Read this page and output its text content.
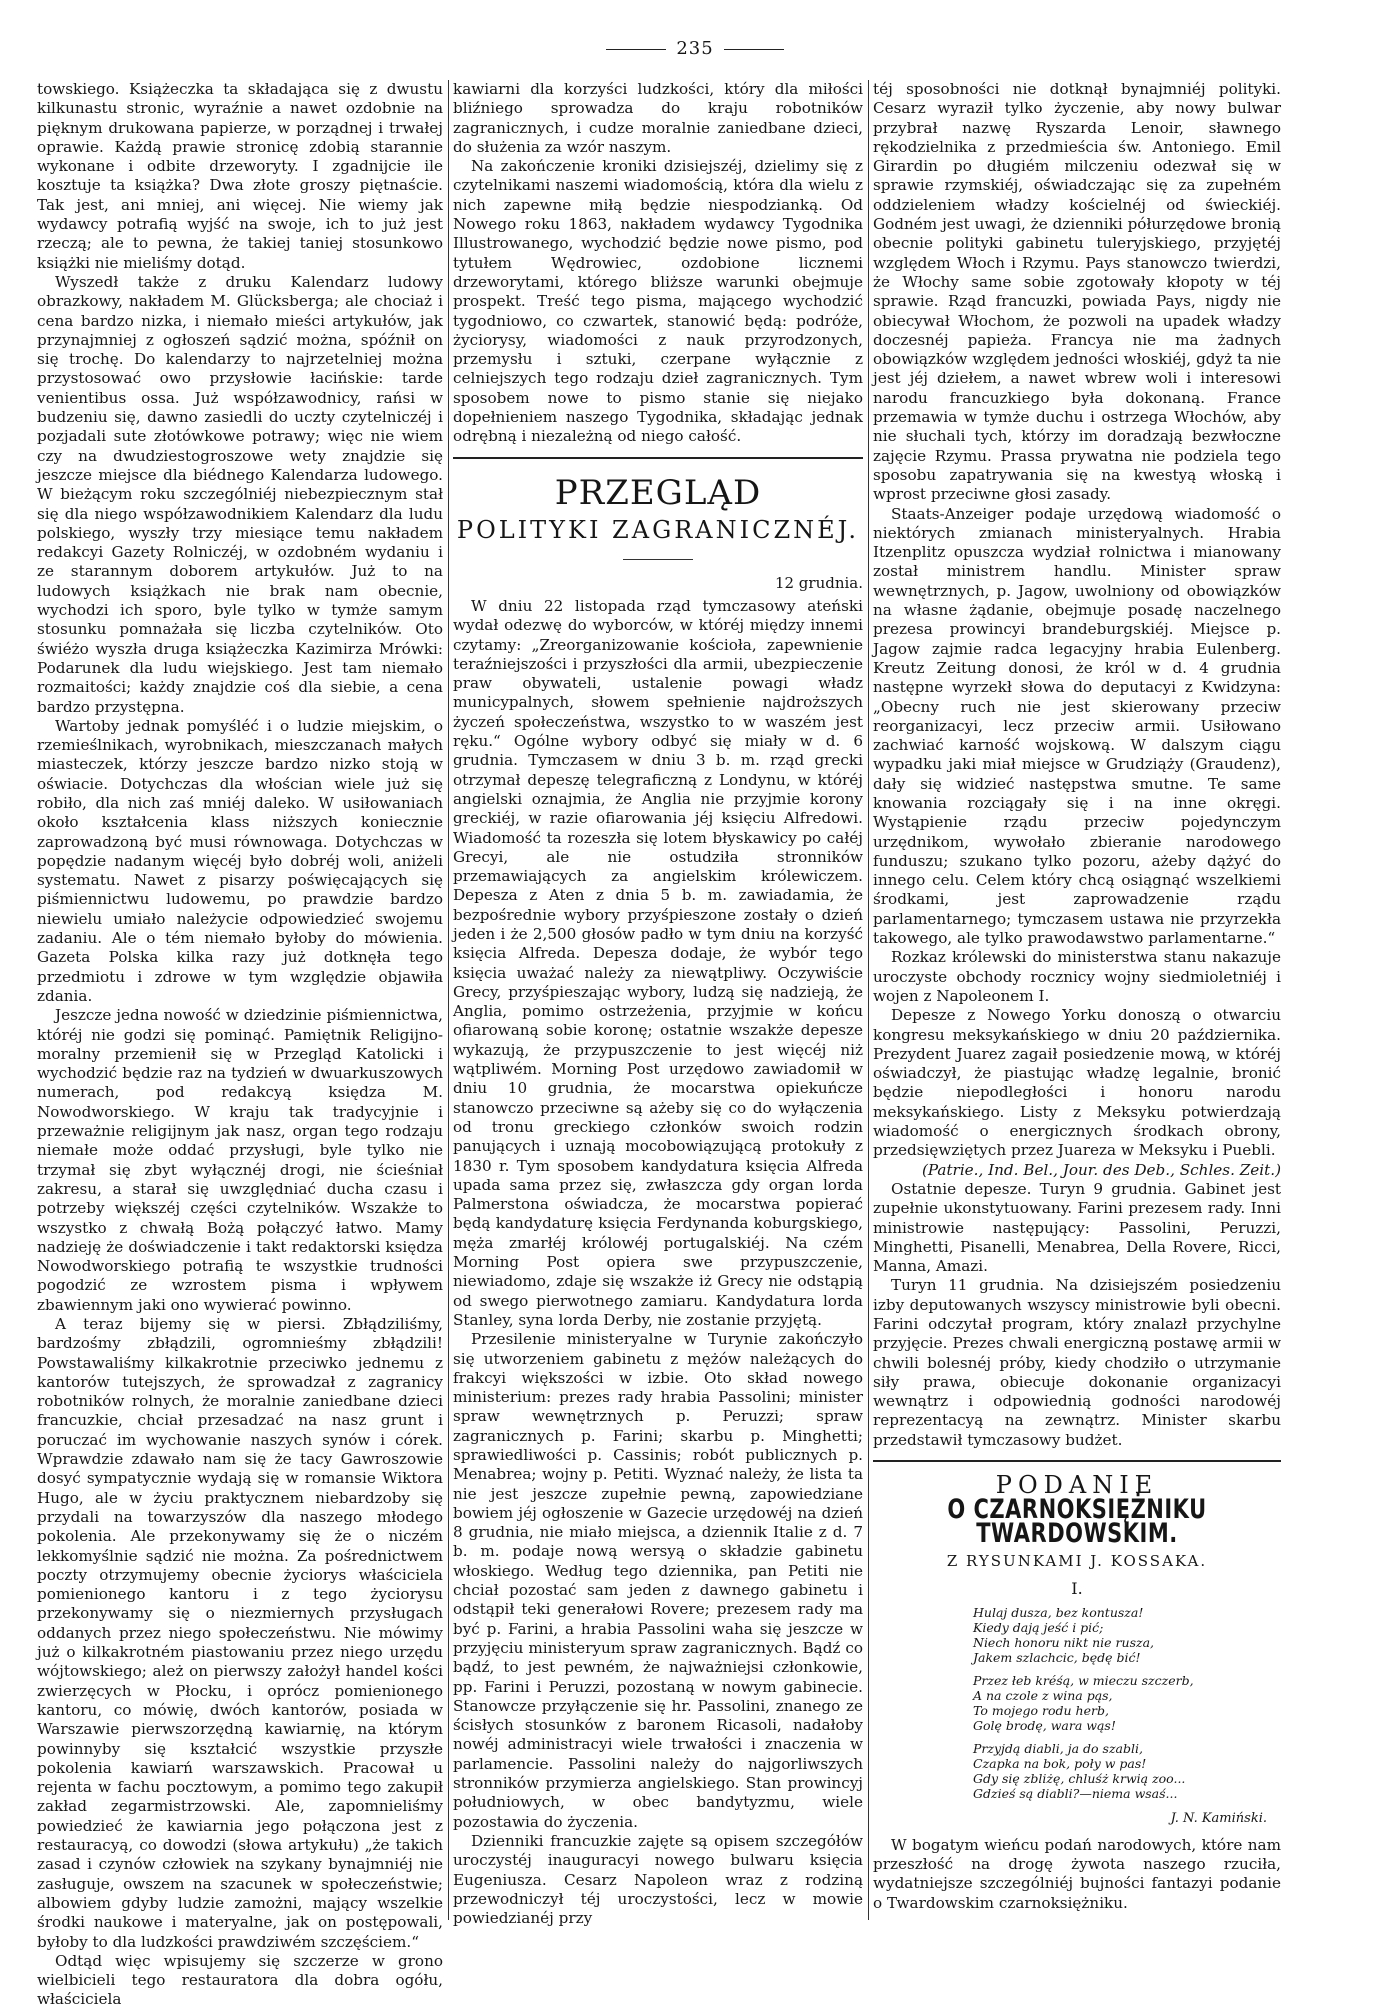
235

towskiego. Książeczka ta składająca się z dwustu kilkunastu stronic, wyraźnie a nawet ozdobnie na pięknym drukowana papierze, w porządnej i trwałej oprawie. Każdą prawie stronicę zdobią starannie wykonane i odbite drzeworyty. I zgadnijcie ile kosztuje ta książka? Dwa złote groszy piętnaście. Tak jest, ani mniej, ani więcej. Nie wiemy jak wydawcy potrafią wyjść na swoje, ich to już jest rzeczą; ale to pewna, że takiej taniej stosunkowo książki nie mieliśmy dotąd.

Wyszedł także z druku Kalendarz ludowy obrazkowy, nakładem M. Glücksberga; ale chociaż i cena bardzo nizka, i niemało mieści artykułów, jak przynajmniej z ogłoszeń sądzić można, spóźnił on się trochę. Do kalendarzy to najrzetelniej można przystosować owo przysłowie łacińskie: tarde venientibus ossa. Już współzawodnicy, rańsi w budzeniu się, dawno zasiedli do uczty czytelniczéj i pozjadali sute złotówkowe potrawy; więc nie wiem czy na dwudziestogroszowe wety znajdzie się jeszcze miejsce dla biédnego Kalendarza ludowego. W bieżącym roku szczególniéj niebezpiecznym stał się dla niego współzawodnikiem Kalendarz dla ludu polskiego, wyszły trzy miesiące temu nakładem redakcyi Gazety Rolniczéj, w ozdobném wydaniu i ze starannym doborem artykułów. Już to na ludowych książkach nie brak nam obecnie, wychodzi ich sporo, byle tylko w tymże samym stosunku pomnażała się liczba czytelników. Oto świéżo wyszła druga książeczka Kazimirza Mrówki: Podarunek dla ludu wiejskiego. Jest tam niemało rozmaitości; każdy znajdzie coś dla siebie, a cena bardzo przystępna.

Wartoby jednak pomyśléć i o ludzie miejskim, o rzemieślnikach, wyrobnikach, mieszczanach małych miasteczek, którzy jeszcze bardzo nizko stoją w oświacie. Dotychczas dla włościan wiele już się robiło, dla nich zaś mniéj daleko. W usiłowaniach około kształcenia klass niższych koniecznie zaprowadzoną być musi równowaga. Dotychczas w popędzie nadanym więcéj było dobréj woli, aniżeli systematu. Nawet z pisarzy poświęcających się piśmiennictwu ludowemu, po prawdzie bardzo niewielu umiało należycie odpowiedzieć swojemu zadaniu. Ale o tém niemało byłoby do mówienia. Gazeta Polska kilka razy już dotknęła tego przedmiotu i zdrowe w tym względzie objawiła zdania.

Jeszcze jedna nowość w dziedzinie piśmiennictwa, któréj nie godzi się pominąć. Pamiętnik Religijno-moralny przemienił się w Przegląd Katolicki i wychodzić będzie raz na tydzień w dwuarkuszowych numerach, pod redakcyą księdza M. Nowodworskiego. W kraju tak tradycyjnie i przeważnie religijnym jak nasz, organ tego rodzaju niemałe może oddać przysługi, byle tylko nie trzymał się zbyt wyłącznéj drogi, nie ścieśniał zakresu, a starał się uwzględniać ducha czasu i potrzeby większéj części czytelników. Wszakże to wszystko z chwałą Bożą połączyć łatwo. Mamy nadzieję że doświadczenie i takt redaktorski księdza Nowodworskiego potrafią te wszystkie trudności pogodzić ze wzrostem pisma i wpływem zbawiennym jaki ono wywierać powinno.

A teraz bijemy się w piersi. Zbłądziliśmy, bardzośmy zbłądzili, ogromnieśmy zbłądzili! Powstawaliśmy kilkakrotnie przeciwko jednemu z kantorów tutejszych, że sprowadzał z zagranicy robotników rolnych, że moralnie zaniedbane dzieci francuzkie, chciał przesadzać na nasz grunt i poruczać im wychowanie naszych synów i córek. Wprawdzie zdawało nam się że tacy Gawroszowie dosyć sympatycznie wydają się w romansie Wiktora Hugo, ale w życiu praktycznem niebardzoby się przydali na towarzyszów dla naszego młodego pokolenia. Ale przekonywamy się że o niczém lekkomyślnie sądzić nie można. Za pośrednictwem poczty otrzymujemy obecnie życiorys właściciela pomienionego kantoru i z tego życiorysu przekonywamy się o niezmiernych przysługach oddanych przez niego społeczeństwu. Nie mówimy już o kilkakrotném piastowaniu przez niego urzędu wójtowskiego; ależ on pierwszy założył handel kości zwierzęcych w Płocku, i oprócz pomienionego kantoru, co mówię, dwóch kantorów, posiada w Warszawie pierwszorzędną kawiarnię, na którym powinnyby się kształcić wszystkie przyszłe pokolenia kawiarń warszawskich. Pracował u rejenta w fachu pocztowym, a pomimo tego zakupił zakład zegarmistrzowski. Ale, zapomnieliśmy powiedzieć że kawiarnia jego połączona jest z restauracyą, co dowodzi (słowa artykułu) „że takich zasad i czynów człowiek na szykany bynajmniéj nie zasługuje, owszem na szacunek w społeczeństwie; albowiem gdyby ludzie zamożni, mający wszelkie środki naukowe i materyalne, jak on postępowali, byłoby to dla ludzkości prawdziwém szczęściem.“

Odtąd więc wpisujemy się szczerze w grono wielbicieli tego restauratora dla dobra ogółu, właściciela

kawiarni dla korzyści ludzkości, który dla miłości bliźniego sprowadza do kraju robotników zagranicznych, i cudze moralnie zaniedbane dzieci, do służenia za wzór naszym.

Na zakończenie kroniki dzisiejszéj, dzielimy się z czytelnikami naszemi wiadomością, która dla wielu z nich zapewne miłą będzie niespodzianką. Od Nowego roku 1863, nakładem wydawcy Tygodnika Illustrowanego, wychodzić będzie nowe pismo, pod tytułem Wędrowiec, ozdobione licznemi drzeworytami, którego bliższe warunki obejmuje prospekt. Treść tego pisma, mającego wychodzić tygodniowo, co czwartek, stanowić będą: podróże, życiorysy, wiadomości z nauk przyrodzonych, przemysłu i sztuki, czerpane wyłącznie z celniejszych tego rodzaju dzieł zagranicznych. Tym sposobem nowe to pismo stanie się niejako dopełnieniem naszego Tygodnika, składając jednak odrębną i niezależną od niego całość.

PRZEGLĄD
POLITYKI ZAGRANICZNÉJ.
12 grudnia.

W dniu 22 listopada rząd tymczasowy ateński wydał odezwę do wyborców, w któréj między innemi czytamy: „Zreorganizowanie kościoła, zapewnienie teraźniejszości i przyszłości dla armii, ubezpieczenie praw obywateli, ustalenie powagi władz municypalnych, słowem spełnienie najdroższych życzeń społeczeństwa, wszystko to w waszém jest ręku.“ Ogólne wybory odbyć się miały w d. 6 grudnia. Tymczasem w dniu 3 b. m. rząd grecki otrzymał depeszę telegraficzną z Londynu, w któréj angielski oznajmia, że Anglia nie przyjmie korony greckiéj, w razie ofiarowania jéj księciu Alfredowi. Wiadomość ta rozeszła się lotem błyskawicy po całéj Grecyi, ale nie ostudziła stronników przemawiających za angielskim królewiczem. Depesza z Aten z dnia 5 b. m. zawiadamia, że bezpośrednie wybory przyśpieszone zostały o dzień jeden i że 2,500 głosów padło w tym dniu na korzyść księcia Alfreda. Depesza dodaje, że wybór tego księcia uważać należy za niewątpliwy. Oczywiście Grecy, przyśpieszając wybory, ludzą się nadzieją, że Anglia, pomimo ostrzeżenia, przyjmie w końcu ofiarowaną sobie koronę; ostatnie wszakże depesze wykazują, że przypuszczenie to jest więcéj niż wątpliwém. Morning Post urzędowo zawiadomił w dniu 10 grudnia, że mocarstwa opiekuńcze stanowczo przeciwne są ażeby się co do wyłączenia od tronu greckiego członków swoich rodzin panujących i uznają mocobowiązującą protokuły z 1830 r. Tym sposobem kandydatura księcia Alfreda upada sama przez się, zwłaszcza gdy organ lorda Palmerstona oświadcza, że mocarstwa popierać będą kandydaturę księcia Ferdynanda koburgskiego, męża zmarłéj królowéj portugalskiéj. Na czém Morning Post opiera swe przypuszczenie, niewiadomo, zdaje się wszakże iż Grecy nie odstąpią od swego pierwotnego zamiaru. Kandydatura lorda Stanley, syna lorda Derby, nie zostanie przyjętą.

Przesilenie ministeryalne w Turynie zakończyło się utworzeniem gabinetu z mężów należących do frakcyi większości w izbie. Oto skład nowego ministerium: prezes rady hrabia Passolini; minister spraw wewnętrznych p. Peruzzi; spraw zagranicznych p. Farini; skarbu p. Minghetti; sprawiedliwości p. Cassinis; robót publicznych p. Menabrea; wojny p. Petiti. Wyznać należy, że lista ta nie jest jeszcze zupełnie pewną, zapowiedziane bowiem jéj ogłoszenie w Gazecie urzędowéj na dzień 8 grudnia, nie miało miejsca, a dziennik Italie z d. 7 b. m. podaje nową wersyą o składzie gabinetu włoskiego. Według tego dziennika, pan Petiti nie chciał pozostać sam jeden z dawnego gabinetu i odstąpił teki generałowi Rovere; prezesem rady ma być p. Farini, a hrabia Passolini waha się jeszcze w przyjęciu ministeryum spraw zagranicznych. Bądź co bądź, to jest pewném, że najważniejsi członkowie, pp. Farini i Peruzzi, pozostaną w nowym gabinecie. Stanowcze przyłączenie się hr. Passolini, znanego ze ścisłych stosunków z baronem Ricasoli, nadałoby nowéj administracyi wiele trwałości i znaczenia w parlamencie. Passolini należy do najgorliwszych stronników przymierza angielskiego. Stan prowincyj południowych, w obec bandytyzmu, wiele pozostawia do życzenia.

Dzienniki francuzkie zajęte są opisem szczegółów uroczystéj inauguracyi nowego bulwaru księcia Eugeniusza. Cesarz Napoleon wraz z rodziną przewodniczył téj uroczystości, lecz w mowie powiedzianéj przy

téj sposobności nie dotknął bynajmniéj polityki. Cesarz wyraził tylko życzenie, aby nowy bulwar przybrał nazwę Ryszarda Lenoir, sławnego rękodzielnika z przedmieścia św. Antoniego. Emil Girardin po długiém milczeniu odezwał się w sprawie rzymskiéj, oświadczając się za zupełném oddzieleniem władzy kościelnéj od świeckiéj. Godném jest uwagi, że dzienniki półurzędowe bronią obecnie polityki gabinetu tuleryjskiego, przyjętéj względem Włoch i Rzymu. Pays stanowczo twierdzi, że Włochy same sobie zgotowały kłopoty w téj sprawie. Rząd francuzki, powiada Pays, nigdy nie obiecywał Włochom, że pozwoli na upadek władzy doczesnéj papieża. Francya nie ma żadnych obowiązków względem jedności włoskiéj, gdyż ta nie jest jéj dziełem, a nawet wbrew woli i interesowi narodu francuzkiego była dokonaną. France przemawia w tymże duchu i ostrzega Włochów, aby nie słuchali tych, którzy im doradzają bezwłoczne zajęcie Rzymu. Prassa prywatna nie podziela tego sposobu zapatrywania się na kwestyą włoską i wprost przeciwne głosi zasady.

Staats-Anzeiger podaje urzędową wiadomość o niektórych zmianach ministeryalnych. Hrabia Itzenplitz opuszcza wydział rolnictwa i mianowany został ministrem handlu. Minister spraw wewnętrznych, p. Jagow, uwolniony od obowiązków na własne żądanie, obejmuje posadę naczelnego prezesa prowincyi brandeburgskiéj. Miejsce p. Jagow zajmie radca legacyjny hrabia Eulenberg. Kreutz Zeitung donosi, że król w d. 4 grudnia następne wyrzekł słowa do deputacyi z Kwidzyna: „Obecny ruch nie jest skierowany przeciw reorganizacyi, lecz przeciw armii. Usiłowano zachwiać karność wojskową. W dalszym ciągu wypadku jaki miał miejsce w Grudziąży (Graudenz), dały się widzieć następstwa smutne. Te same knowania rozciągały się i na inne okręgi. Wystąpienie rządu przeciw pojedynczym urzędnikom, wywołało zbieranie narodowego funduszu; szukano tylko pozoru, ażeby dążyć do innego celu. Celem który chcą osiągnąć wszelkiemi środkami, jest zaprowadzenie rządu parlamentarnego; tymczasem ustawa nie przyrzekła takowego, ale tylko prawodawstwo parlamentarne.“

Rozkaz królewski do ministerstwa stanu nakazuje uroczyste obchody rocznicy wojny siedmioletniéj i wojen z Napoleonem I.

Depesze z Nowego Yorku donoszą o otwarciu kongresu meksykańskiego w dniu 20 października. Prezydent Juarez zagaił posiedzenie mową, w któréj oświadczył, że piastując władzę legalnie, bronić będzie niepodległości i honoru narodu meksykańskiego. Listy z Meksyku potwierdzają wiadomość o energicznych środkach obrony, przedsięwziętych przez Juareza w Meksyku i Puebli.

(Patrie., Ind. Bel., Jour. des Deb., Schles. Zeit.)

Ostatnie depesze. Turyn 9 grudnia. Gabinet jest zupełnie ukonstytuowany. Farini prezesem rady. Inni ministrowie następujący: Passolini, Peruzzi, Minghetti, Pisanelli, Menabrea, Della Rovere, Ricci, Manna, Amazi.

Turyn 11 grudnia. Na dzisiejszém posiedzeniu izby deputowanych wszyscy ministrowie byli obecni. Farini odczytał program, który znalazł przychylne przyjęcie. Prezes chwali energiczną postawę armii w chwili bolesnéj próby, kiedy chodziło o utrzymanie siły prawa, obiecuje dokonanie organizacyi wewnątrz i odpowiednią godności narodowéj reprezentacyą na zewnątrz. Minister skarbu przedstawił tymczasowy budżet.

PODANIE
O CZARNOKSIĘŻNIKU TWARDOWSKIM.
Z RYSUNKAMI J. KOSSAKA.
I.
Hulaj dusza, bez kontusza!
Kiedy dają jeść i pić;
Niech honoru nikt nie rusza,
Jakem szlachcic, będę bić!
Przez łeb kréśą, w mieczu szczerb,
A na czole z wina pąs,
To mojego rodu herb,
Golę brodę, wara wąs!
Przyjdą diabli, ja do szabli,
Czapka na bok, poły w pas!
Gdy się zbliżę, chluśż krwią zoo...
Gdzieś są diabli?—niema wsaś...
J. N. Kamiński.

W bogatym wieńcu podań narodowych, które nam przeszłość na drogę żywota naszego rzuciła, wydatniejsze szczególniéj bujności fantazyi podanie o Twardowskim czarnoksiężniku.
